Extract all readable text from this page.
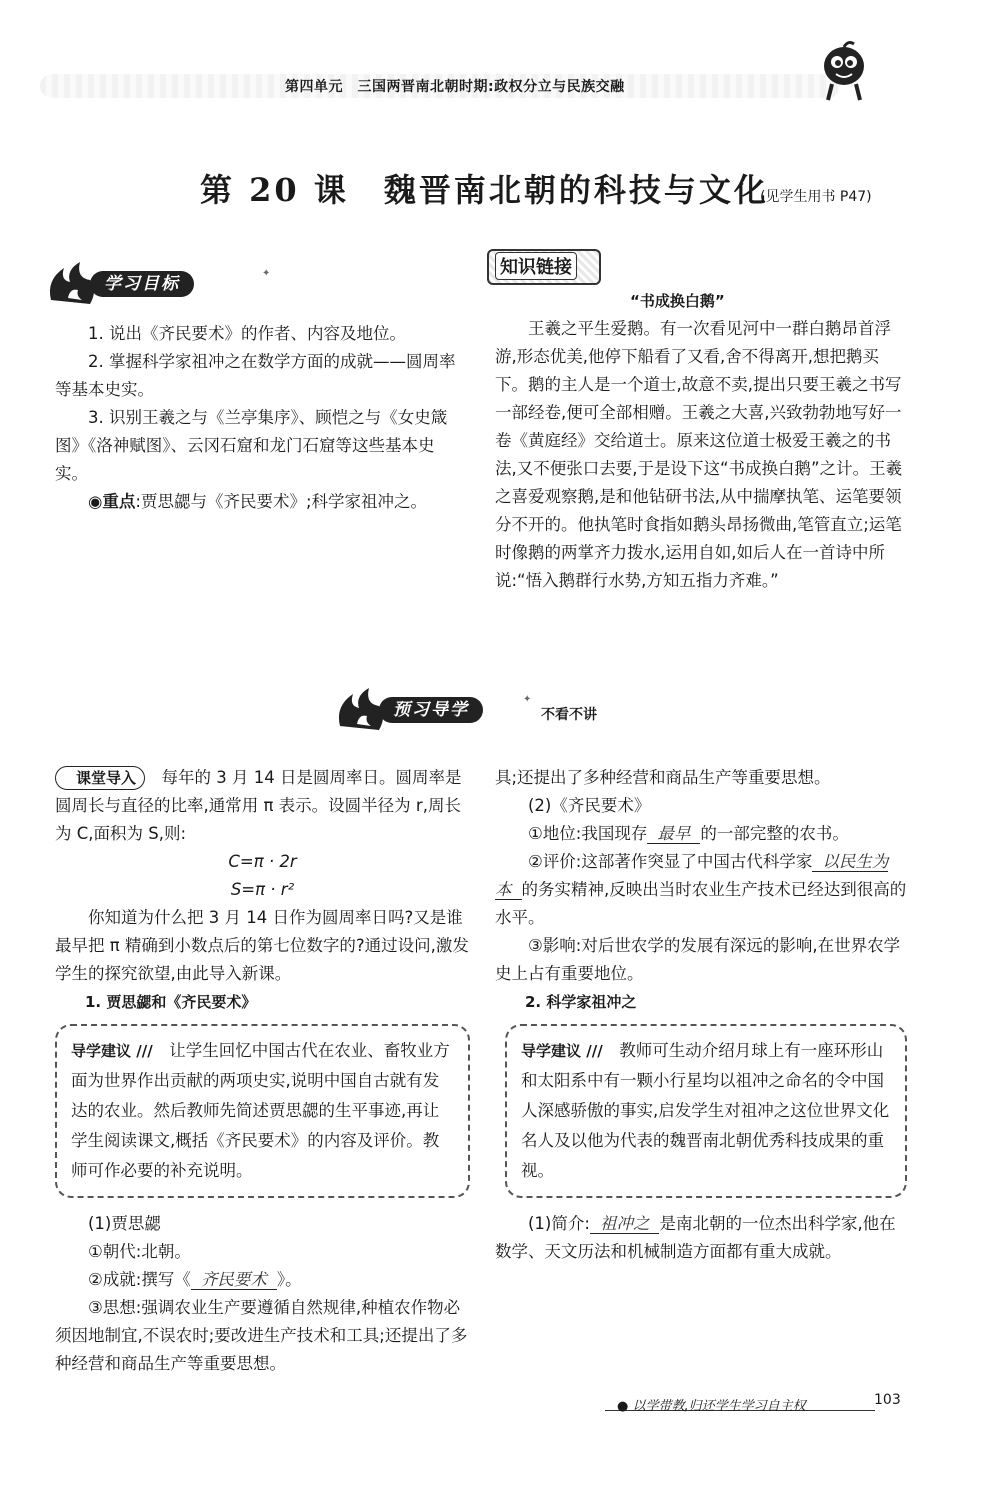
第四单元　三国两晋南北朝时期:政权分立与民族交融
第 20 课　魏晋南北朝的科技与文化
(见学生用书 P47)
学习目标
✦

1. 说出《齐民要术》的作者、内容及地位。

2. 掌握科学家祖冲之在数学方面的成就——圆周率等基本史实。

3. 识别王羲之与《兰亭集序》、顾恺之与《女史箴图》《洛神赋图》、云冈石窟和龙门石窟等这些基本史实。

◉重点:贾思勰与《齐民要术》;科学家祖冲之。

知识链接
“书成换白鹅”

王羲之平生爱鹅。有一次看见河中一群白鹅昂首浮游,形态优美,他停下船看了又看,舍不得离开,想把鹅买下。鹅的主人是一个道士,故意不卖,提出只要王羲之书写一部经卷,便可全部相赠。王羲之大喜,兴致勃勃地写好一卷《黄庭经》交给道士。原来这位道士极爱王羲之的书法,又不便张口去要,于是设下这“书成换白鹅”之计。王羲之喜爱观察鹅,是和他钻研书法,从中揣摩执笔、运笔要领分不开的。他执笔时食指如鹅头昂扬微曲,笔管直立;运笔时像鹅的两掌齐力拨水,运用自如,如后人在一首诗中所说:“悟入鹅群行水势,方知五指力齐难。”

预习导学
✦
不看不讲

课堂导入　 每年的 3 月 14 日是圆周率日。圆周率是圆周长与直径的比率,通常用 π 表示。设圆半径为 r,周长为 C,面积为 S,则:

C=π · 2r

S=π · r²

你知道为什么把 3 月 14 日作为圆周率日吗?又是谁最早把 π 精确到小数点后的第七位数字的?通过设问,激发学生的探究欲望,由此导入新课。

1. 贾思勰和《齐民要术》

导学建议 ///　 让学生回忆中国古代在农业、畜牧业方面为世界作出贡献的两项史实,说明中国自古就有发达的农业。然后教师先简述贾思勰的生平事迹,再让学生阅读课文,概括《齐民要术》的内容及评价。教师可作必要的补充说明。

(1)贾思勰

①朝代:北朝。

②成就:撰写《 齐民要术 》。

③思想:强调农业生产要遵循自然规律,种植农作物必须因地制宜,不误农时;要改进生产技术和工具;还提出了多种经营和商品生产等重要思想。

具;还提出了多种经营和商品生产等重要思想。

(2)《齐民要术》

①地位:我国现存 最早 的一部完整的农书。

②评价:这部著作突显了中国古代科学家 以民生为本 的务实精神,反映出当时农业生产技术已经达到很高的水平。

③影响:对后世农学的发展有深远的影响,在世界农学史上占有重要地位。

2. 科学家祖冲之

导学建议 ///　 教师可生动介绍月球上有一座环形山和太阳系中有一颗小行星均以祖冲之命名的令中国人深感骄傲的事实,启发学生对祖冲之这位世界文化名人及以他为代表的魏晋南北朝优秀科技成果的重视。

(1)简介: 祖冲之 是南北朝的一位杰出科学家,他在数学、天文历法和机械制造方面都有重大成就。

● 以学带教,归还学生学习自主权	103
